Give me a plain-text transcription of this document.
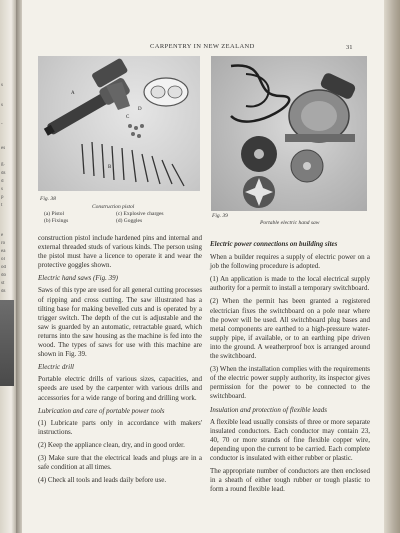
s
s
-
es
g.
ds
d
s
p
t
e
ro
ea
ol
od
do
st
ds
CARPENTRY IN NEW ZEALAND	31
A
C
D
B
Fig. 38
Construction pistol
(a) Pistol
(b) Fixings
(c) Explosive charges
(d) Goggles
Fig. 39
Portable electric hand saw

construction pistol include hardened pins and internal and external threaded studs of various kinds. The person using the pistol must have a licence to operate it and wear the protective goggles shown.

Electric hand saws (Fig. 39)

Saws of this type are used for all general cutting processes of ripping and cross cutting. The saw illustrated has a tilting base for making bevelled cuts and is operated by a trigger switch. The depth of the cut is adjustable and the saw is guarded by an automatic, retractable guard, which returns into the saw housing as the machine is fed into the wood. The types of saws for use with this machine are shown in Fig. 39.

Electric drill

Portable electric drills of various sizes, capacities, and speeds are used by the carpenter with various drills and accessories for a wide range of boring and drilling work.

Lubrication and care of portable power tools

(1) Lubricate parts only in accordance with makers' instructions.

(2) Keep the appliance clean, dry, and in good order.

(3) Make sure that the electrical leads and plugs are in a safe condition at all times.

(4) Check all tools and leads daily before use.

Electric power connections on building sites

When a builder requires a supply of electric power on a job the following procedure is adopted.

(1) An application is made to the local electrical supply authority for a permit to install a temporary switchboard.

(2) When the permit has been granted a registered electrician fixes the switchboard on a pole near where the power will be used. All switchboard plug bases and metal components are earthed to a high-pressure water-supply pipe, if available, or to an earthing pipe driven into the ground. A weatherproof box is arranged around the switchboard.

(3) When the installation complies with the requirements of the electric power supply authority, its inspector gives permission for the power to be connected to the switchboard.

Insulation and protection of flexible leads

A flexible lead usually consists of three or more separate insulated conductors. Each conductor may contain 23, 40, 70 or more strands of fine flexible copper wire, depending upon the current to be carried. Each complete conductor is insulated with either rubber or plastic.

The appropriate number of conductors are then enclosed in a sheath of either tough rubber or tough plastic to form a round flexible lead.
